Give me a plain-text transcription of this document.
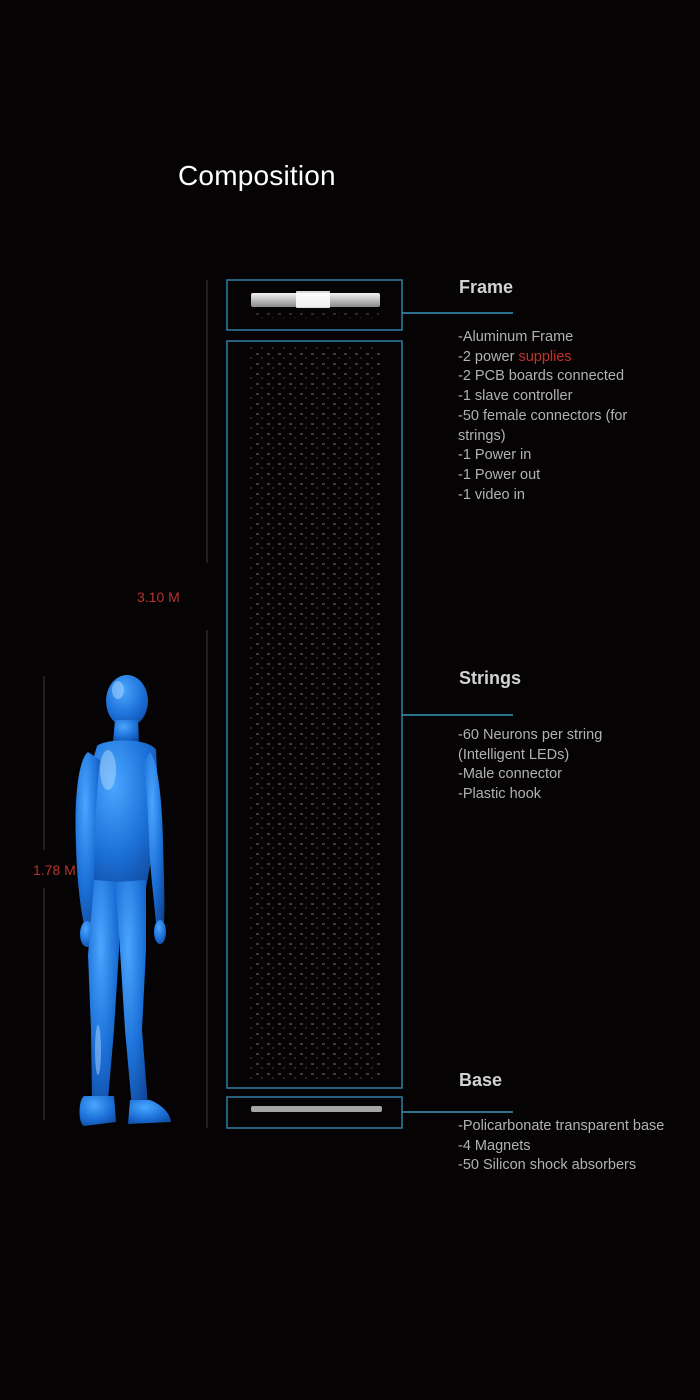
Composition
3.10 M
1.78 M
Frame
-Aluminum Frame
-2 power supplies
-2 PCB boards connected
-1 slave controller
-50 female connectors (for strings)
-1 Power in
-1 Power out
-1 video in
Strings
-60 Neurons per string (Intelligent LEDs)
-Male connector
-Plastic hook
Base
-Policarbonate transparent base
-4 Magnets
-50 Silicon shock absorbers
